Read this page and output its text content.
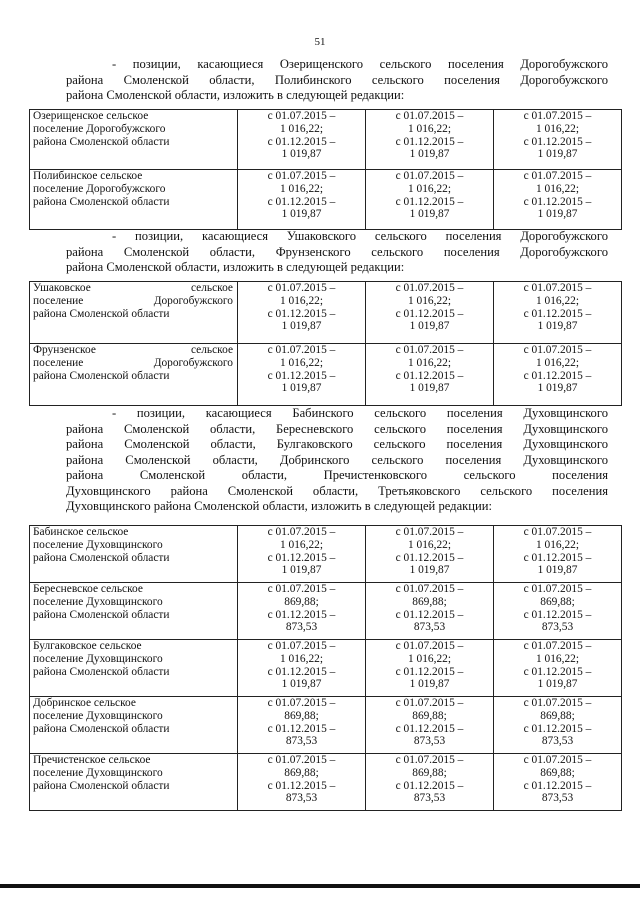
51
- позиции, касающиеся Озерищенского сельского поселения Дорогобужского
района Смоленской области, Полибинского сельского поселения Дорогобужского
района Смоленской области, изложить в следующей редакции:
Озерищенское сельское
поселение Дорогобужского
района Смоленской области	с 01.07.2015 –
1 016,22;
с 01.12.2015 –
1 019,87	с 01.07.2015 –
1 016,22;
с 01.12.2015 –
1 019,87	с 01.07.2015 –
1 016,22;
с 01.12.2015 –
1 019,87

Полибинское сельское
поселение Дорогобужского
района Смоленской области	с 01.07.2015 –
1 016,22;
с 01.12.2015 –
1 019,87	с 01.07.2015 –
1 016,22;
с 01.12.2015 –
1 019,87	с 01.07.2015 –
1 016,22;
с 01.12.2015 –
1 019,87
- позиции, касающиеся Ушаковского сельского поселения Дорогобужского
района Смоленской области, Фрунзенского сельского поселения Дорогобужского
района Смоленской области, изложить в следующей редакции:
Ушаковское сельское
поселение Дорогобужского
района Смоленской области	с 01.07.2015 –
1 016,22;
с 01.12.2015 –
1 019,87	с 01.07.2015 –
1 016,22;
с 01.12.2015 –
1 019,87	с 01.07.2015 –
1 016,22;
с 01.12.2015 –
1 019,87

Фрунзенское сельское
поселение Дорогобужского
района Смоленской области	с 01.07.2015 –
1 016,22;
с 01.12.2015 –
1 019,87	с 01.07.2015 –
1 016,22;
с 01.12.2015 –
1 019,87	с 01.07.2015 –
1 016,22;
с 01.12.2015 –
1 019,87
- позиции, касающиеся Бабинского сельского поселения Духовщинского
района Смоленской области, Бересневского сельского поселения Духовщинского
района Смоленской области, Булгаковского сельского поселения Духовщинского
района Смоленской области, Добринского сельского поселения Духовщинского
района Смоленской области, Пречистенковского сельского поселения
Духовщинского района Смоленской области, Третьяковского сельского поселения
Духовщинского района Смоленской области, изложить в следующей редакции:
Бабинское сельское
поселение Духовщинского
района Смоленской области	с 01.07.2015 –
1 016,22;
с 01.12.2015 –
1 019,87	с 01.07.2015 –
1 016,22;
с 01.12.2015 –
1 019,87	с 01.07.2015 –
1 016,22;
с 01.12.2015 –
1 019,87

Бересневское сельское
поселение Духовщинского
района Смоленской области	с 01.07.2015 –
869,88;
с 01.12.2015 –
873,53	с 01.07.2015 –
869,88;
с 01.12.2015 –
873,53	с 01.07.2015 –
869,88;
с 01.12.2015 –
873,53

Булгаковское сельское
поселение Духовщинского
района Смоленской области	с 01.07.2015 –
1 016,22;
с 01.12.2015 –
1 019,87	с 01.07.2015 –
1 016,22;
с 01.12.2015 –
1 019,87	с 01.07.2015 –
1 016,22;
с 01.12.2015 –
1 019,87

Добринское сельское
поселение Духовщинского
района Смоленской области	с 01.07.2015 –
869,88;
с 01.12.2015 –
873,53	с 01.07.2015 –
869,88;
с 01.12.2015 –
873,53	с 01.07.2015 –
869,88;
с 01.12.2015 –
873,53

Пречистенское сельское
поселение Духовщинского
района Смоленской области	с 01.07.2015 –
869,88;
с 01.12.2015 –
873,53	с 01.07.2015 –
869,88;
с 01.12.2015 –
873,53	с 01.07.2015 –
869,88;
с 01.12.2015 –
873,53
